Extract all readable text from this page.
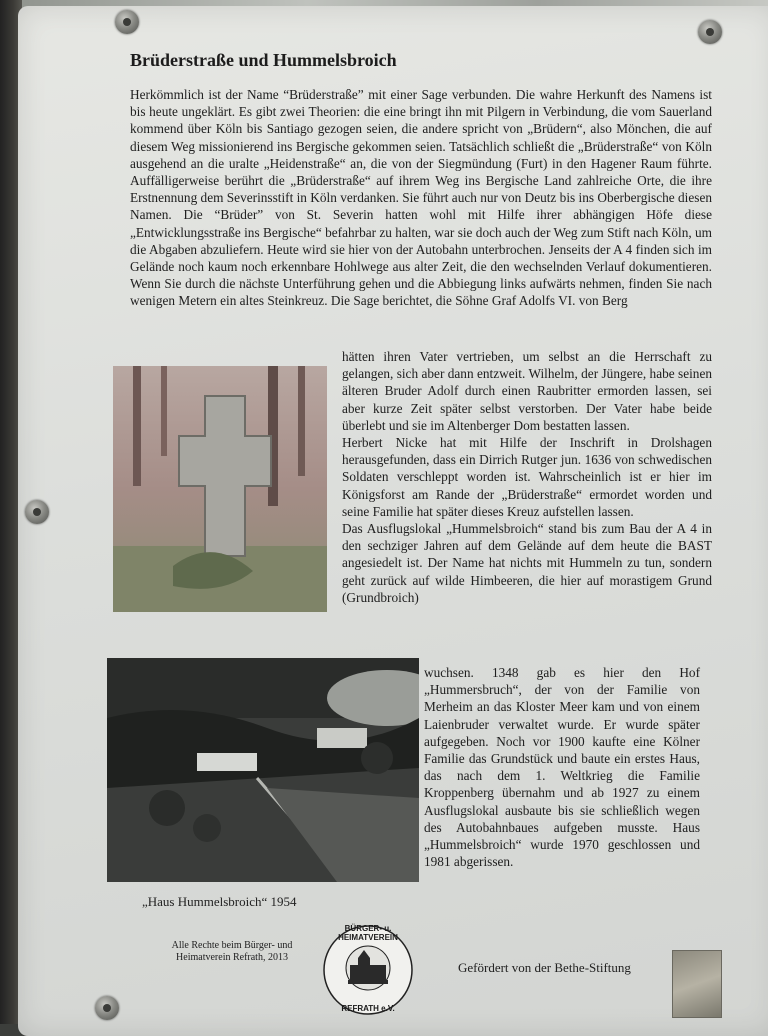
Brüderstraße und Hummelsbroich
Herkömmlich ist der Name “Brüderstraße” mit einer Sage verbunden. Die wahre Herkunft des Namens ist bis heute ungeklärt. Es gibt zwei Theorien: die eine bringt ihn mit Pilgern in Verbindung, die vom Sauerland kommend über Köln bis Santiago gezogen seien, die andere spricht von „Brüdern“, also Mönchen, die auf diesem Weg missionierend ins Bergische gekommen seien. Tatsächlich schließt die „Brüderstraße“ von Köln ausgehend an die uralte „Heidenstraße“ an, die von der Siegmündung (Furt) in den Hagener Raum führte. Auffälligerweise berührt die „Brüderstraße“ auf ihrem Weg ins Bergische Land zahlreiche Orte, die ihre Erstnennung dem Severinsstift in Köln verdanken. Sie führt auch nur von Deutz bis ins Oberbergische diesen Namen. Die “Brüder” von St. Severin hatten wohl mit Hilfe ihrer abhängigen Höfe diese „Entwicklungsstraße ins Bergische“ befahrbar zu halten, war sie doch auch der Weg zum Stift nach Köln, um die Abgaben abzuliefern. Heute wird sie hier von der Autobahn unterbrochen. Jenseits der A 4 finden sich im Gelände noch kaum noch erkennbare Hohlwege aus alter Zeit, die den wechselnden Verlauf dokumentieren. Wenn Sie durch die nächste Unterführung gehen und die Abbiegung links aufwärts nehmen, finden Sie nach wenigen Metern ein altes Steinkreuz. Die Sage berichtet, die Söhne Graf Adolfs VI. von Berg
hätten ihren Vater vertrieben, um selbst an die Herrschaft zu gelangen, sich aber dann entzweit. Wilhelm, der Jüngere, habe seinen älteren Bruder Adolf durch einen Raubritter ermorden lassen, sei aber kurze Zeit später selbst verstorben. Der Vater habe beide überlebt und sie im Altenberger Dom bestatten lassen.
Herbert Nicke hat mit Hilfe der Inschrift in Drolshagen herausgefunden, dass ein Dirrich Rutger jun. 1636 von schwedischen Soldaten verschleppt worden ist. Wahrscheinlich ist er hier im Königsforst am Rande der „Brüderstraße“ ermordet worden und seine Familie hat später dieses Kreuz aufstellen lassen.
Das Ausflugslokal „Hummelsbroich“ stand bis zum Bau der A 4 in den sechziger Jahren auf dem Gelände auf dem heute die BAST angesiedelt ist. Der Name hat nichts mit Hummeln zu tun, sondern geht zurück auf wilde Himbeeren, die hier auf morastigem Grund (Grundbroich)
wuchsen. 1348 gab es hier den Hof „Hummersbruch“, der von der Familie von Merheim an das Kloster Meer kam und von einem Laienbruder verwaltet wurde. Er wurde später aufgegeben. Noch vor 1900 kaufte eine Kölner Familie das Grundstück und baute ein erstes Haus, das nach dem 1. Weltkrieg die Familie Kroppenberg übernahm und ab 1927 zu einem Ausflugslokal ausbaute bis sie schließlich wegen des Autobahnbaues aufgeben musste. Haus „Hummelsbroich“ wurde 1970 geschlossen und 1981 abgerissen.
„Haus Hummelsbroich“ 1954
Alle Rechte beim Bürger- und Heimatverein Refrath, 2013
BÜRGER- u. HEIMATVEREIN
REFRATH e.V.
Gefördert von der Bethe-Stiftung
